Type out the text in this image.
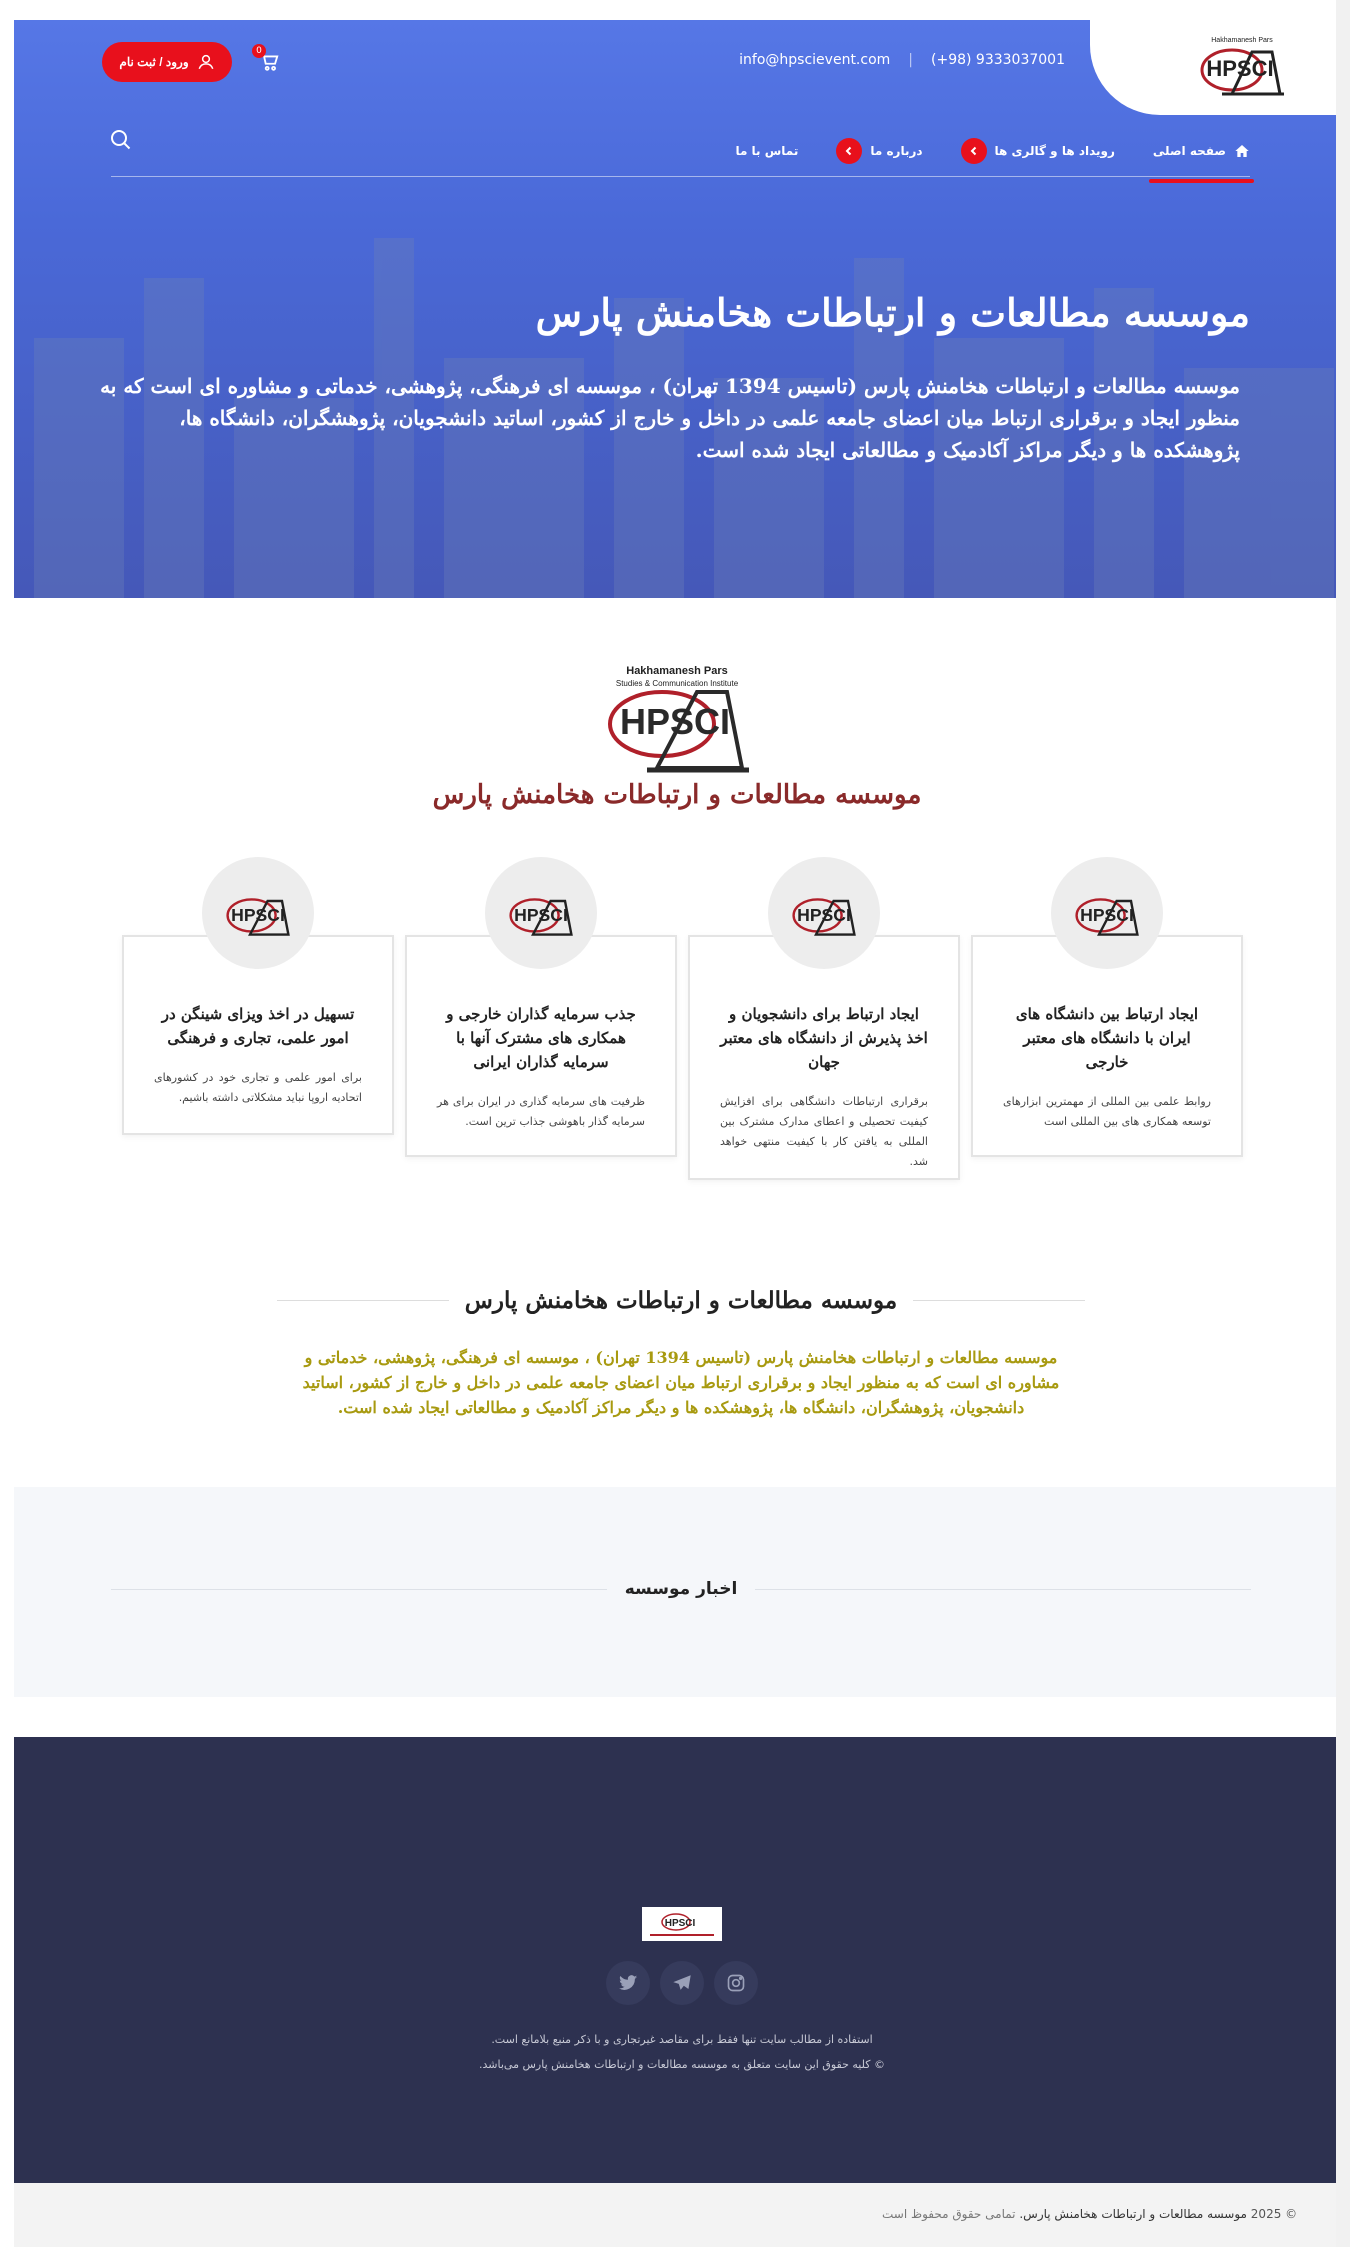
Hakhamanesh Pars
HPSCI
(+98) 9333037001
|
info@hpscievent.com
0
ورود / ثبت نام
صفحه اصلی
رویداد ها و گالری ها
درباره ما
تماس با ما
موسسه مطالعات و ارتباطات هخامنش پارس

موسسه مطالعات و ارتباطات هخامنش پارس (تاسیس 1394 تهران) ، موسسه ای فرهنگی، پژوهشی، خدماتی و مشاوره ای است که به منظور ایجاد و برقراری ارتباط میان اعضای جامعه علمی در داخل و خارج از کشور، اساتید دانشجویان، پژوهشگران، دانشگاه ها، پژوهشکده ها و دیگر مراکز آکادمیک و مطالعاتی ایجاد شده است.

Hakhamanesh Pars
Studies & Communication Institute
HPSCI
موسسه مطالعات و ارتباطات هخامنش پارس
HPSCI
ایجاد ارتباط بین دانشگاه های ایران با دانشگاه های معتبر خارجی

روابط علمی بین المللی از مهمترین ابزارهای توسعه همکاری های بین المللی است

HPSCI
ایجاد ارتباط برای دانشجویان و اخذ پذیرش از دانشگاه های معتبر جهان

برقراری ارتباطات دانشگاهی برای افزایش کیفیت تحصیلی و اعطای مدارک مشترک بین المللی به یافتن کار با کیفیت منتهی خواهد شد.

HPSCI
جذب سرمایه گذاران خارجی و همکاری های مشترک آنها با سرمایه گذاران ایرانی

ظرفیت های سرمایه گذاری در ایران برای هر سرمایه گذار باهوشی جذاب ترین است.

HPSCI
تسهیل در اخذ ویزای شینگن در امور علمی، تجاری و فرهنگی

برای امور علمی و تجاری خود در کشورهای اتحادیه اروپا نباید مشکلاتی داشته باشیم.

موسسه مطالعات و ارتباطات هخامنش پارس

موسسه مطالعات و ارتباطات هخامنش پارس (تاسیس 1394 تهران) ، موسسه ای فرهنگی، پژوهشی، خدماتی و مشاوره ای است که به منظور ایجاد و برقراری ارتباط میان اعضای جامعه علمی در داخل و خارج از کشور، اساتید دانشجویان، پژوهشگران، دانشگاه ها، پژوهشکده ها و دیگر مراکز آکادمیک و مطالعاتی ایجاد شده است.

اخبار موسسه
HPSCI
استفاده از مطالب سایت تنها فقط برای مقاصد غیرتجاری و با ذکر منبع بلامانع است.
© کلیه حقوق این سایت متعلق به موسسه مطالعات و ارتباطات هخامنش پارس می‌باشد.

© 2025 موسسه مطالعات و ارتباطات هخامنش پارس. تمامی حقوق محفوظ است
